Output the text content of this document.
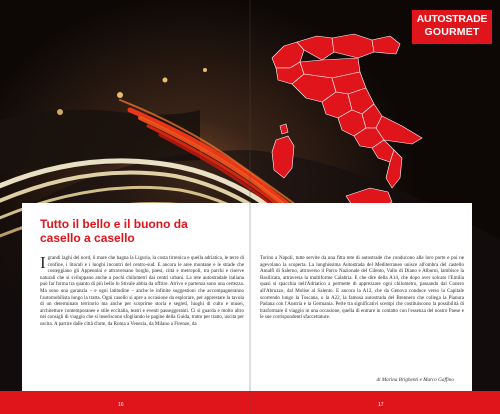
AUTOSTRADE
GOURMET
Tutto il bello e il buono da casello a casello
I grandi laghi del nord, il mare che bagna la Liguria, la costa tirrenica e quella adriatica, le terre di confine, i litorali e i luoghi incontri del centro-sud. E ancora le aree montane e le strade che costeggiano gli Appennini e attraversano borghi, paesi, città e metropoli, tra parchi e riserve naturali che si sviluppano anche a pochi chilometri dai centri urbani. La rete autostradale italiana può far forma tra quanto di più bello lo Stivale abbia da offrire. Arrivo e partenza sono una certezza. Ma sono una garanzia – e ogni latitudine – anche le infinite suggestioni che accompagneranno l'automobilista lungo la tratta. Ogni casello si apre a occasione da esplorare, per apprestare la tavola di un determinato territorio ma anche per scoprirne storia e segreti, luoghi di culto e musei, architetture contemporanee e stile eccitalia, teatri e eventi passeggeranti. Ci si guarda e molto altro nei consigli di viaggio che si inseriscono sfogliando le pagine della Guida, tratto per tratto, uscita per uscita. A partire dalle città d'arte, da Roma a Venezia, da Milano a Firenze, da
Torino a Napoli, tutte servite da una fitta rete di autostrade che conducono alle loro porte e poi ne agevolano la scoperta. La lunghissima Autostrada del Mediterraneo unisce all'ombra del castello Amalfi di Salerno, attraverso il Parco Nazionale del Cilento, Vallo di Diano e Alburni, lambisce la Basilicata, attraversa la multiforme Calabria. E che dire della A14, che dopo aver solcato l'Emilia quasi si spacchia nell'Adriatico a permette di apprezzare ogni chilometro, passando dal Conero all'Abruzzo, dal Molise al Salento. E ancora la A12, che da Genova conduce verso la Capitale scorrendo lungo la Toscana, o la A22, la famosa autostrada del Brennero che collega la Pianura Padana con l'Austria e la Germania. Perle tra significativi scempi che costituiscono la possibilità di trasformare il viaggio in una occasione, quella di entrare in contatto con l'essenza del nostro Paese e le sue corrispondenti sfaccettature.
di Marina Brighenti e Marco Gaffino
16	17
